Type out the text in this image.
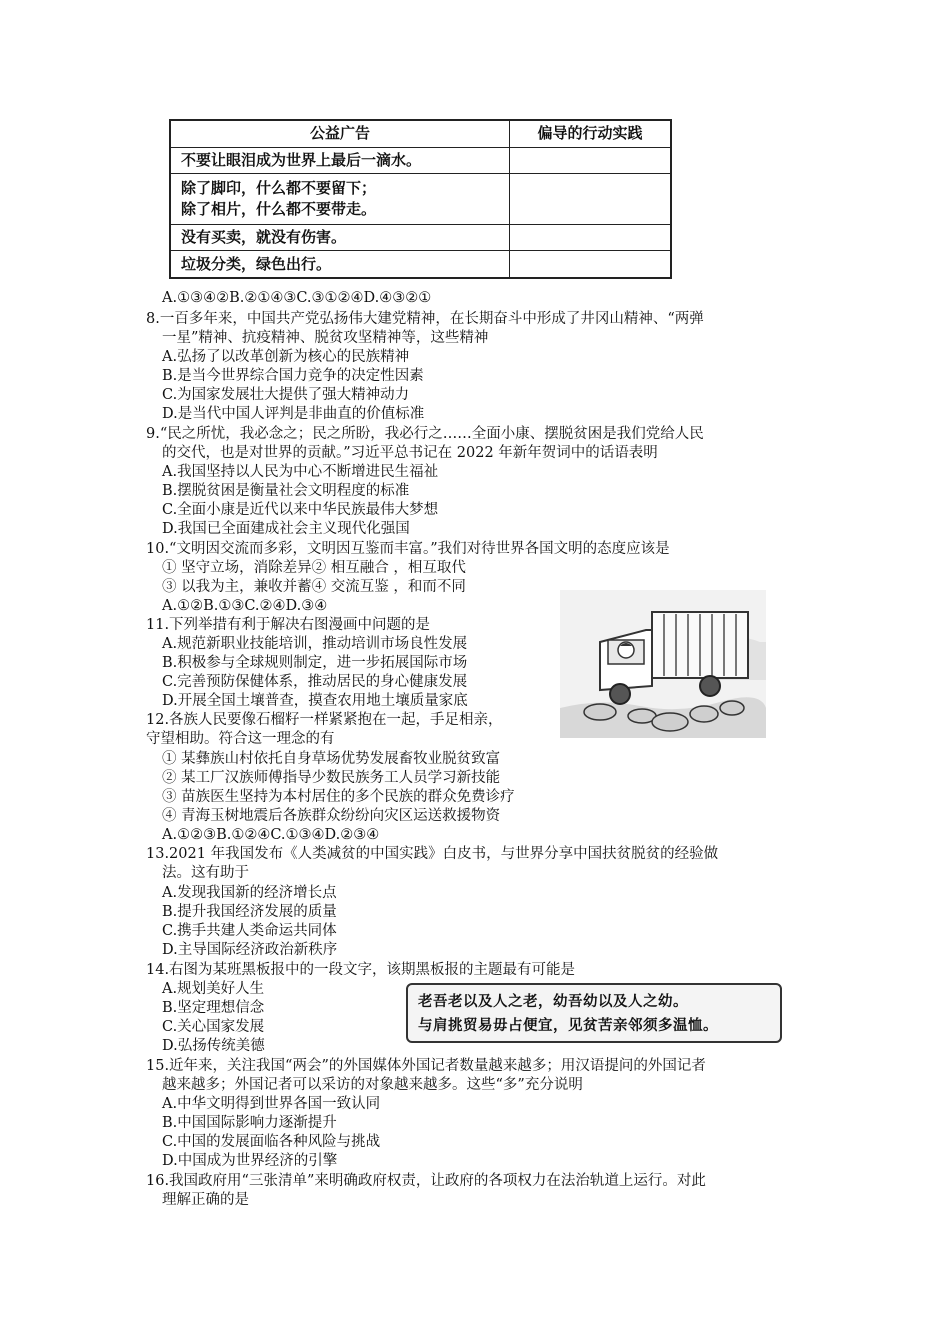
公益广告	偏导的行动实践
不要让眼泪成为世界上最后一滴水。	

除了脚印，什么都不要留下；
除了相片，什么都不要带走。	

没有买卖，就没有伤害。	
垃圾分类，绿色出行。	
A.①③④②B.②①④③C.③①②④D.④③②①
8.一百多年来，中国共产党弘扬伟大建党精神，在长期奋斗中形成了井冈山精神、“两弹
一星”精神、抗疫精神、脱贫攻坚精神等，这些精神
A.弘扬了以改革创新为核心的民族精神
B.是当今世界综合国力竞争的决定性因素
C.为国家发展壮大提供了强大精神动力
D.是当代中国人评判是非曲直的价值标准
9.“民之所忧，我必念之；民之所盼，我必行之……全面小康、摆脱贫困是我们党给人民
的交代，也是对世界的贡献。”习近平总书记在 2022 年新年贺词中的话语表明
A.我国坚持以人民为中心不断增进民生福祉
B.摆脱贫困是衡量社会文明程度的标准
C.全面小康是近代以来中华民族最伟大梦想
D.我国已全面建成社会主义现代化强国
10.“文明因交流而多彩，文明因互鉴而丰富。”我们对待世界各国文明的态度应该是
① 坚守立场，消除差异② 相互融合 ，相互取代
③ 以我为主，兼收并蓄④ 交流互鉴 ，和而不同
A.①②B.①③C.②④D.③④
11.下列举措有利于解决右图漫画中问题的是
A.规范新职业技能培训，推动培训市场良性发展
B.积极参与全球规则制定，进一步拓展国际市场
C.完善预防保健体系，推动居民的身心健康发展
D.开展全国土壤普查，摸查农用地土壤质量家底
12.各族人民要像石榴籽一样紧紧抱在一起，手足相亲，
守望相助。符合这一理念的有
① 某彝族山村依托自身草场优势发展畜牧业脱贫致富
② 某工厂汉族师傅指导少数民族务工人员学习新技能
③ 苗族医生坚持为本村居住的多个民族的群众免费诊疗
④ 青海玉树地震后各族群众纷纷向灾区运送救援物资
A.①②③B.①②④C.①③④D.②③④
13.2021 年我国发布《人类减贫的中国实践》白皮书，与世界分享中国扶贫脱贫的经验做
法。这有助于
A.发现我国新的经济增长点
B.提升我国经济发展的质量
C.携手共建人类命运共同体
D.主导国际经济政治新秩序
14.右图为某班黑板报中的一段文字，该期黑板报的主题最有可能是
A.规划美好人生
B.坚定理想信念
C.关心国家发展
D.弘扬传统美德
老吾老以及人之老，幼吾幼以及人之幼。
与肩挑贸易毋占便宜，见贫苦亲邻须多温恤。
15.近年来，关注我国“两会”的外国媒体外国记者数量越来越多；用汉语提问的外国记者
越来越多；外国记者可以采访的对象越来越多。这些“多”充分说明
A.中华文明得到世界各国一致认同
B.中国国际影响力逐渐提升
C.中国的发展面临各种风险与挑战
D.中国成为世界经济的引擎
16.我国政府用“三张清单”来明确政府权责，让政府的各项权力在法治轨道上运行。对此
理解正确的是
